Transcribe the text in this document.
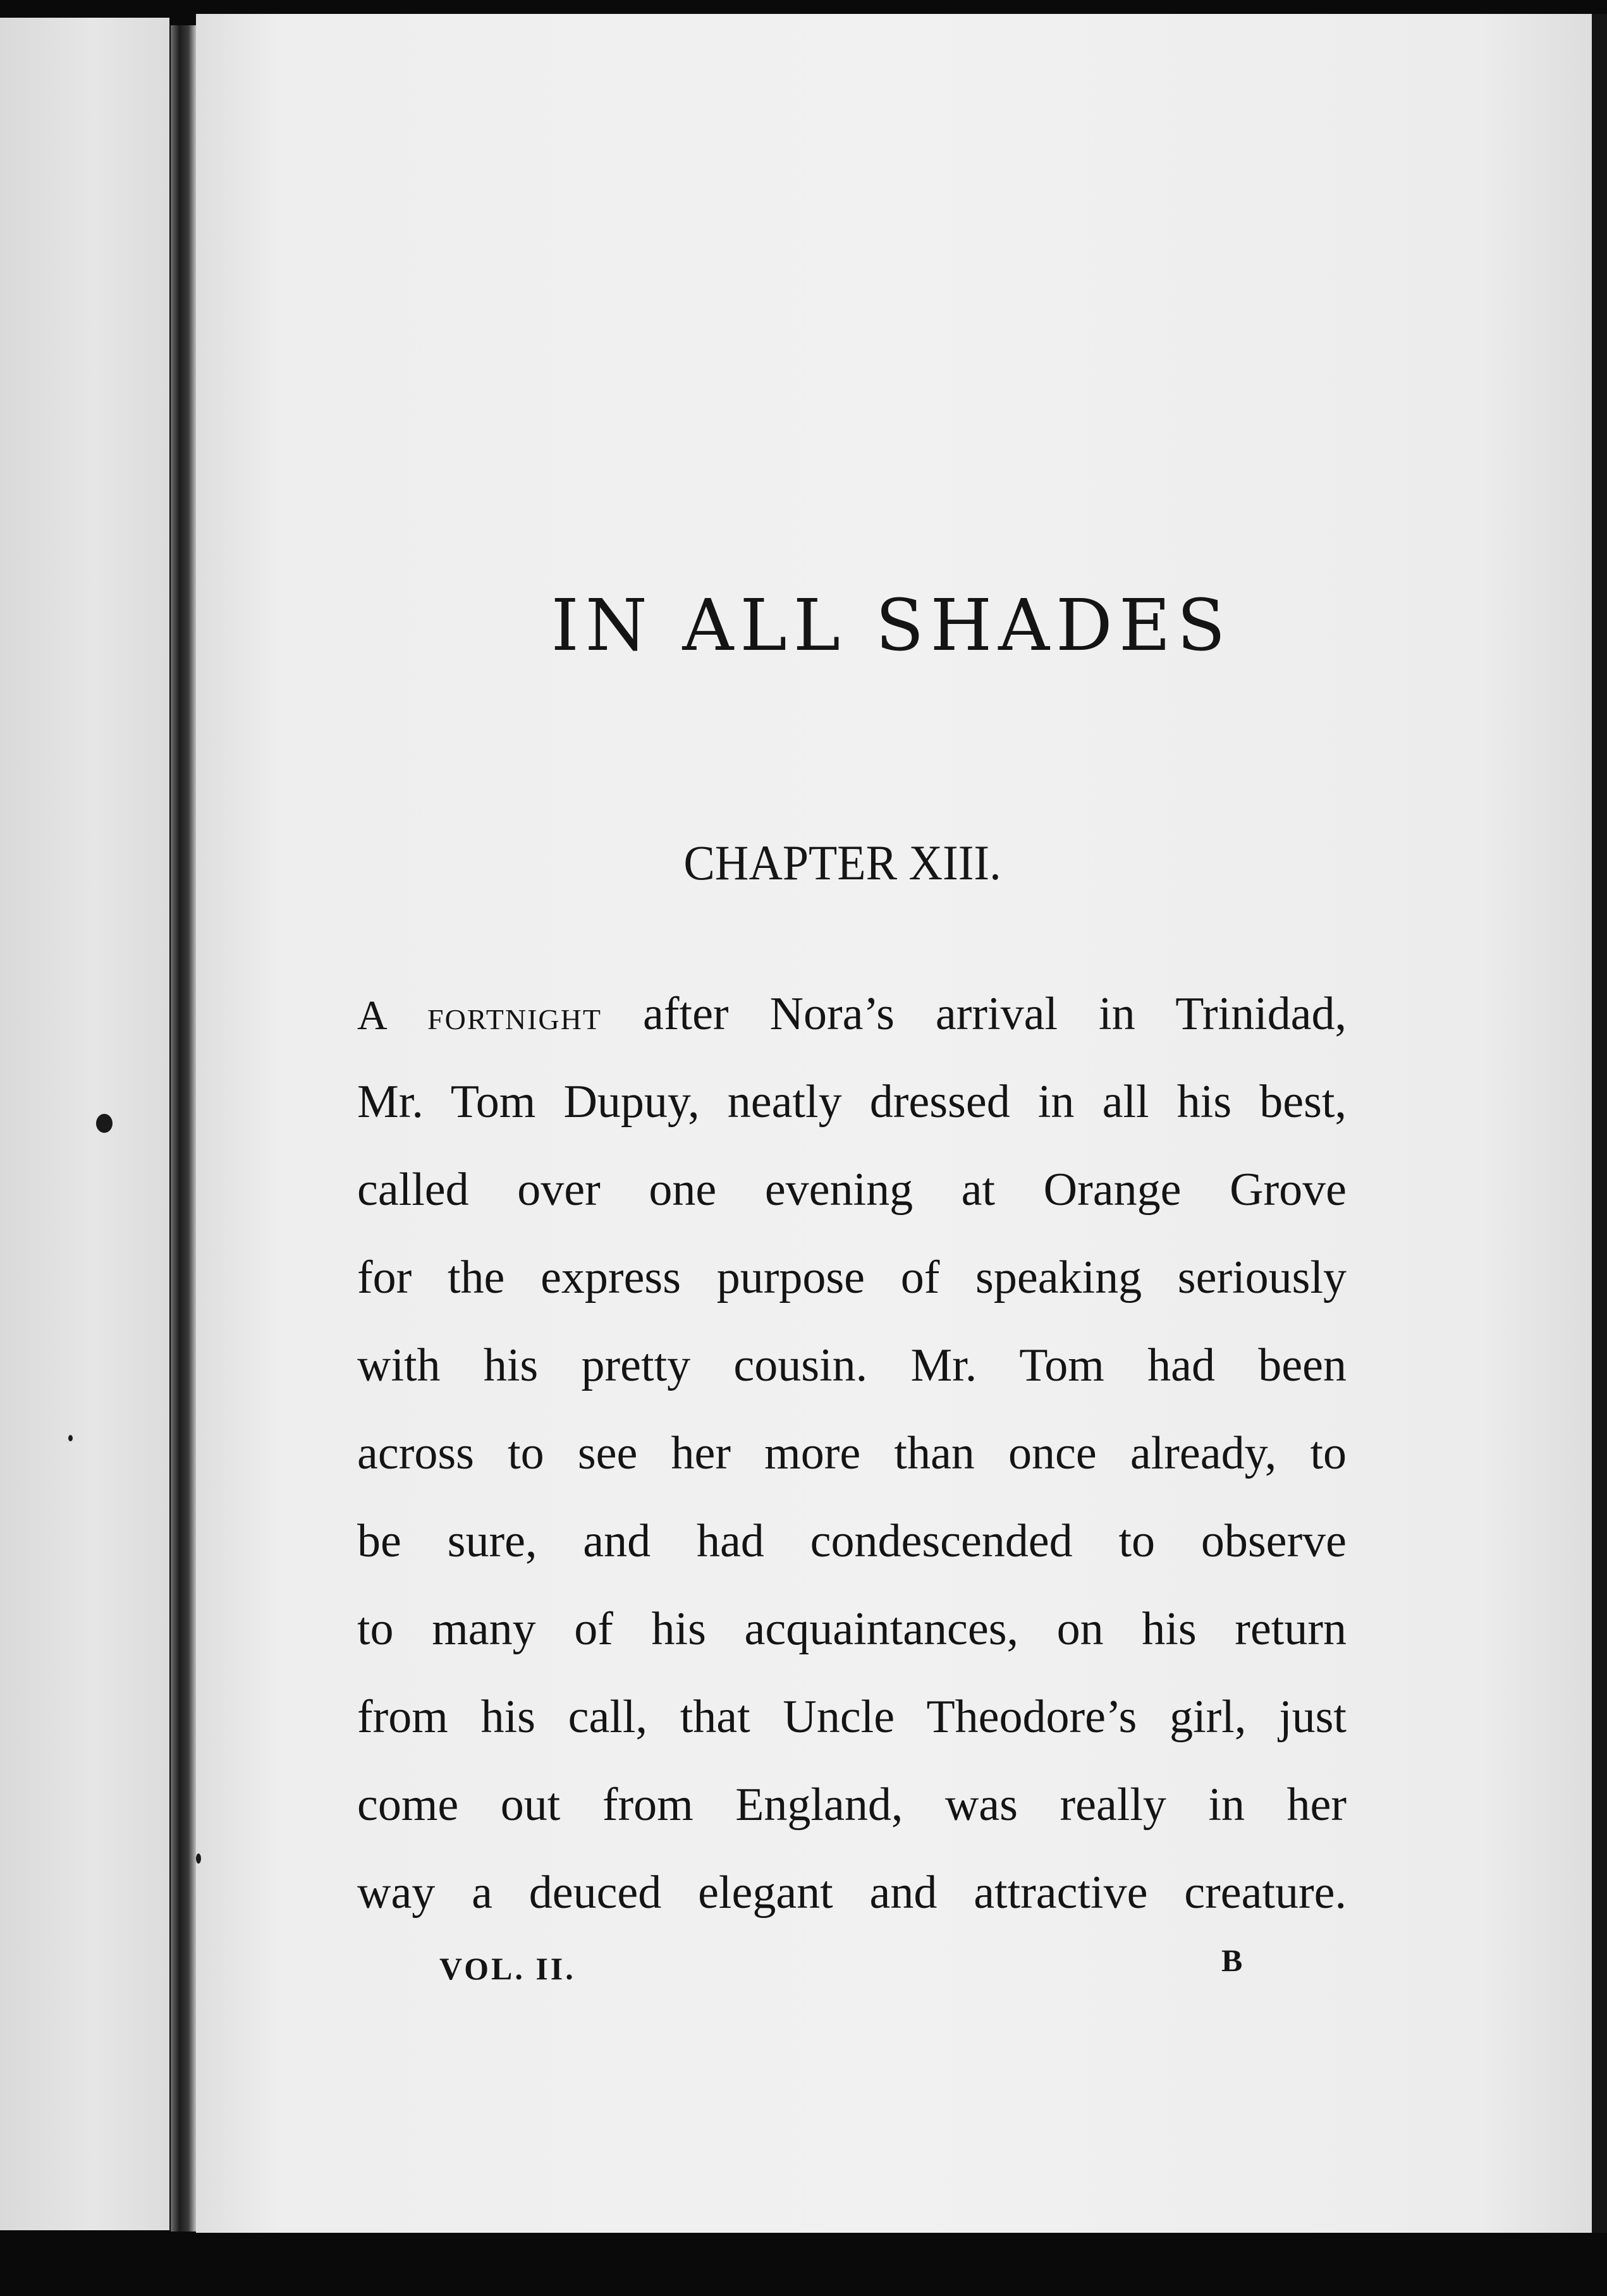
IN ALL SHADES
CHAPTER XIII.
A fortnight after Nora’s arrival in Trinidad,
Mr. Tom Dupuy, neatly dressed in all his best,
called over one evening at Orange Grove
for the express purpose of speaking seriously
with his pretty cousin. Mr. Tom had been
across to see her more than once already, to
be sure, and had condescended to observe
to many of his acquaintances, on his return
from his call, that Uncle Theodore’s girl, just
come out from England, was really in her
way a deuced elegant and attractive creature.
VOL. II.	B
